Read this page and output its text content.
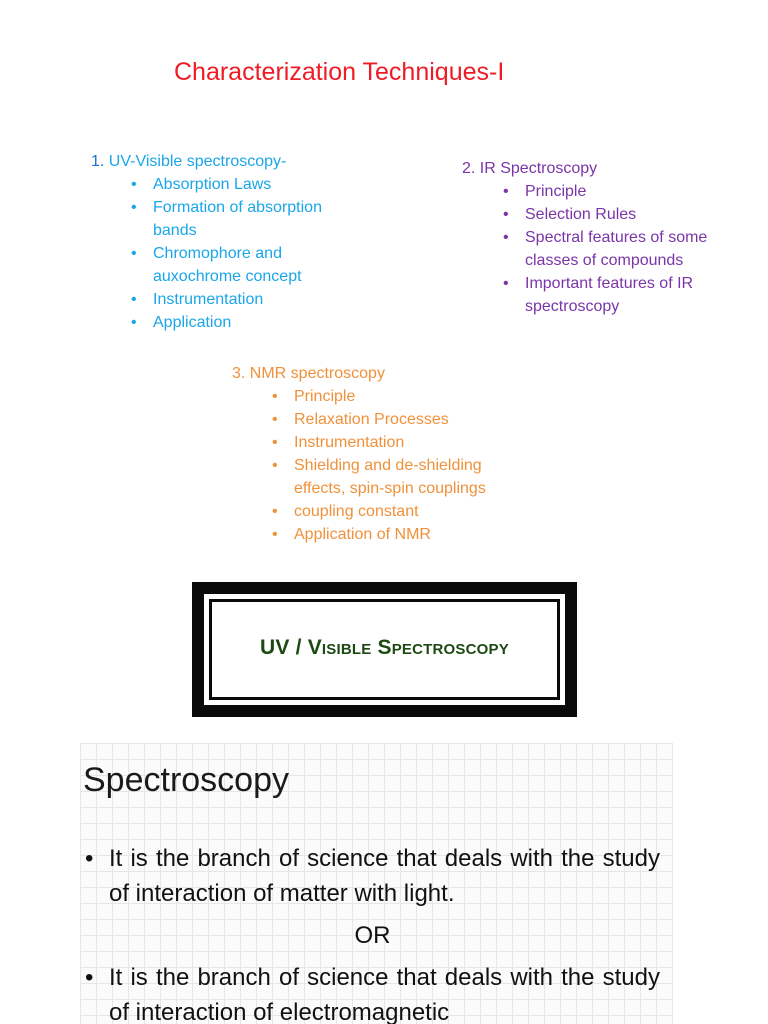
Characterization Techniques-I
1. UV-Visible spectroscopy-
• Absorption Laws
• Formation of absorption bands
• Chromophore and auxochrome concept
• Instrumentation
• Application
2. IR Spectroscopy
• Principle
• Selection Rules
• Spectral features of some classes of compounds
• Important features of IR spectroscopy
3. NMR spectroscopy
• Principle
• Relaxation Processes
• Instrumentation
• Shielding and de-shielding effects, spin-spin couplings
• coupling constant
• Application of NMR
UV / Visible Spectroscopy
Spectroscopy
• It is the branch of science that deals with the study of interaction of matter with light.
OR
• It is the branch of science that deals with the study of interaction of electromagnetic
